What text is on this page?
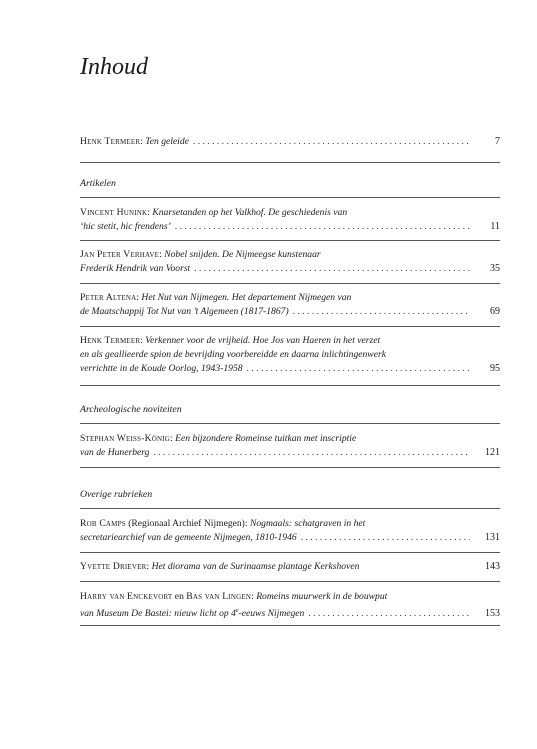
Inhoud
Henk Termeer: Ten geleide . . .	7
Artikelen
Vincent Hunink: Knarsetanden op het Valkhof. De geschiedenis van
‘hic stetit, hic frendens’ . . .	11
Jan Peter Verhave: Nobel snijden. De Nijmeegse kunstenaar
Frederik Hendrik van Voorst . . .	35
Peter Altena: Het Nut van Nijmegen. Het departement Nijmegen van
de Maatschappij Tot Nut van ’t Algemeen (1817-1867) . . .	69
Henk Termeer: Verkenner voor de vrijheid. Hoe Jos van Haeren in het verzet
en als geallieerde spion de bevrijding voorbereidde en daarna inlichtingenwerk
verrichtte in de Koude Oorlog, 1943-1958 . . .	95
Archeologische noviteiten
Stephan Weiss-König: Een bijzondere Romeinse tuitkan met inscriptie
van de Hunerberg . . .	121
Overige rubrieken
Rob Camps (Regionaal Archief Nijmegen): Nogmaals: schatgraven in het
secretariearchief van de gemeente Nijmegen, 1810-1946 . . .	131
Yvette Driever: Het diorama van de Surinaamse plantage Kerkshoven	143
Harry van Enckevort en Bas van Lingen: Romeins muurwerk in de bouwput
van Museum De Bastei: nieuw licht op 4e-eeuws Nijmegen . . .	153
